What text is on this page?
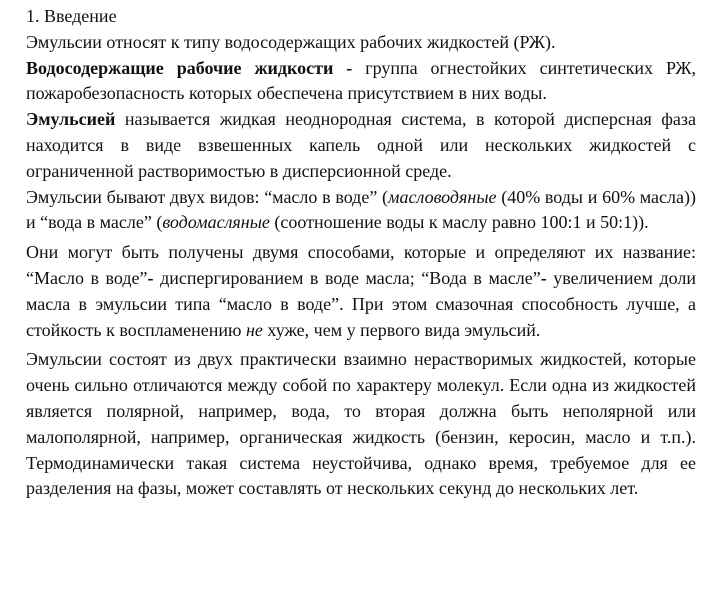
1. Введение

Эмульсии относят к типу водосодержащих рабочих жидкостей (РЖ).

Водосодержащие рабочие жидкости - группа огнестойких синтетических РЖ, пожаробезопасность которых обеспечена присутствием в них воды.

Эмульсией называется жидкая неоднородная система, в которой дисперсная фаза находится в виде взвешенных капель одной или нескольких жидкостей с ограниченной растворимостью в дисперсионной среде.

Эмульсии бывают двух видов: “масло в воде” (масловодяные (40% воды и 60% масла)) и “вода в масле” (водомасляные (соотношение воды к маслу равно 100:1 и 50:1)).

Они могут быть получены двумя способами, которые и определяют их название: “Масло в воде”- диспергированием в воде масла; “Вода в масле”- увеличением доли масла в эмульсии типа “масло в воде”. При этом смазочная способность лучше, а стойкость к воспламенению не хуже, чем у первого вида эмульсий.

Эмульсии состоят из двух практически взаимно нерастворимых жидкостей, которые очень сильно отличаются между собой по характеру молекул. Если одна из жидкостей является полярной, например, вода, то вторая должна быть неполярной или малополярной, например, органическая жидкость (бензин, керосин, масло и т.п.). Термодинамически такая система неустойчива, однако время, требуемое для ее разделения на фазы, может составлять от нескольких секунд до нескольких лет.
